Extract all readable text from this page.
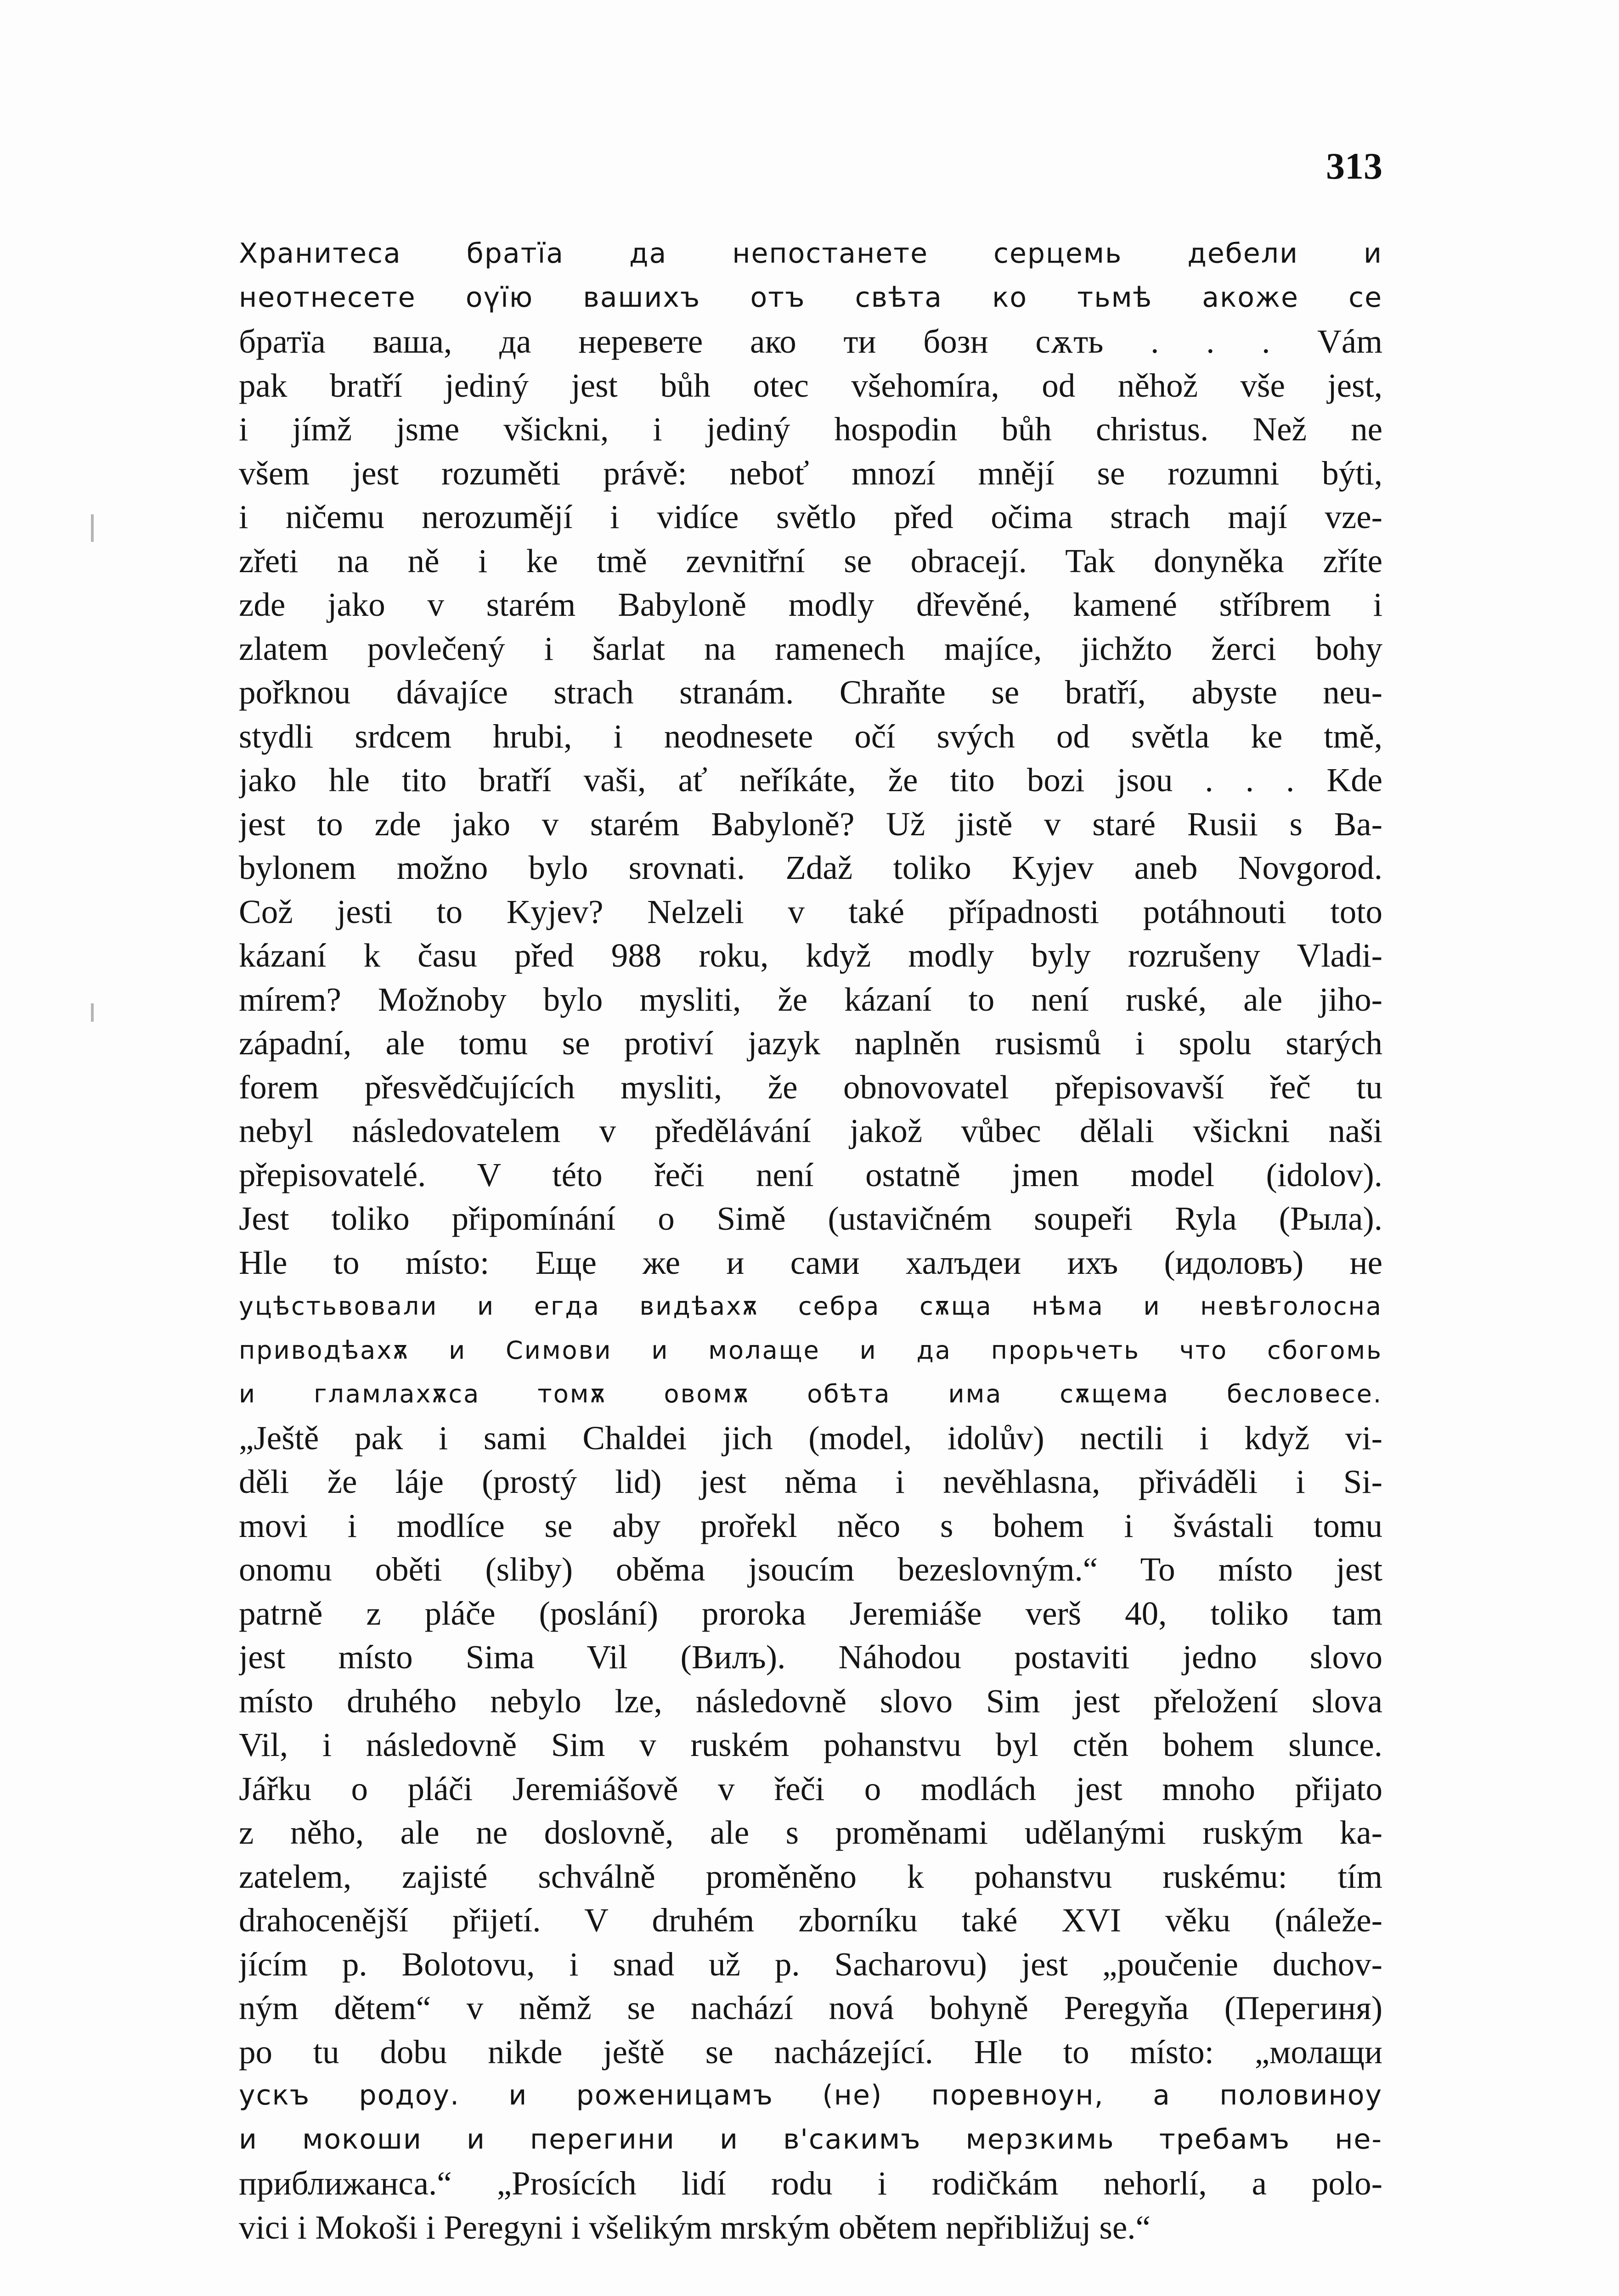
313
Хранитеса братїа да непостанете серцемь дебели и
неотнесете оүїю вашихъ отъ свѣта ко тьмѣ акоже се
братїа ваша, да неревете ако ти бозн сѫть . . . Vám
pak bratří jediný jest bůh otec všehomíra, od něhož vše jest,
i jímž jsme všickni, i jediný hospodin bůh christus. Než ne
všem jest rozuměti právě: neboť mnozí mnějí se rozumni býti,
i ničemu nerozumějí i vidíce světlo před očima strach mají vze-
zřeti na ně i ke tmě zevnitřní se obracejí. Tak donyněka zříte
zde jako v starém Babyloně modly dřevěné, kamené stříbrem i
zlatem povlečený i šarlat na ramenech majíce, jichžto žerci bohy
pořknou dávajíce strach stranám. Chraňte se bratří, abyste neu-
stydli srdcem hrubi, i neodnesete očí svých od světla ke tmě,
jako hle tito bratří vaši, ať neříkáte, že tito bozi jsou . . . Kde
jest to zde jako v starém Babyloně? Už jistě v staré Rusii s Ba-
bylonem možno bylo srovnati. Zdaž toliko Kyjev aneb Novgorod.
Což jesti to Kyjev? Nelzeli v také případnosti potáhnouti toto
kázaní k času před 988 roku, když modly byly rozrušeny Vladi-
mírem? Možnoby bylo mysliti, že kázaní to není ruské, ale jiho-
západní, ale tomu se protiví jazyk naplněn rusismů i spolu starých
forem přesvědčujících mysliti, že obnovovatel přepisovavší řeč tu
nebyl následovatelem v předělávání jakož vůbec dělali všickni naši
přepisovatelé. V této řeči není ostatně jmen model (idolov).
Jest toliko připomínání o Simě (ustavičném soupeři Ryla (Рыла).
Hle to místo: Еще же и сами халъдеи ихъ (идоловъ) не
уцѣстьвовали и егда видѣахѫ себра сѫща нѣма и невѣголосна
приводѣахѫ и Симови и молаще и да прорьчеть что сбогомь
и гламлахѫса томѫ овомѫ обѣта има сѫщема бесловесе.
„Ještě pak i sami Chaldei jich (model, idolův) nectili i když vi-
děli že láje (prostý lid) jest něma i nevěhlasna, přiváděli i Si-
movi i modlíce se aby prořekl něco s bohem i švástali tomu
onomu oběti (sliby) oběma jsoucím bezeslovným.“ To místo jest
patrně z pláče (poslání) proroka Jeremiáše verš 40, toliko tam
jest místo Sima Vil (Вилъ). Náhodou postaviti jedno slovo
místo druhého nebylo lze, následovně slovo Sim jest přeložení slova
Vil, i následovně Sim v ruském pohanstvu byl ctěn bohem slunce.
Jářku o pláči Jeremiášově v řeči o modlách jest mnoho přijato
z něho, ale ne doslovně, ale s proměnami udělanými ruským ka-
zatelem, zajisté schválně proměněno k pohanstvu ruskému: tím
drahocenější přijetí. V druhém zborníku také XVI věku (náleže-
jícím p. Bolotovu, i snad už p. Sacharovu) jest „poučenie duchov-
ným dětem“ v němž se nachází nová bohyně Peregyňa (Перегиня)
po tu dobu nikde ještě se nacházející. Hle to místo: „молащи
ускъ родоу. и роженицамъ (не) поревноун, а половиноу
и мокоши и перегини и в'сакимъ мерзкимь требамъ не-
приближанса.“ „Prosících lidí rodu i rodičkám nehorlí, a polo-
vici i Mokoši i Peregyni i všelikým mrským obětem nepřibližuj se.“
